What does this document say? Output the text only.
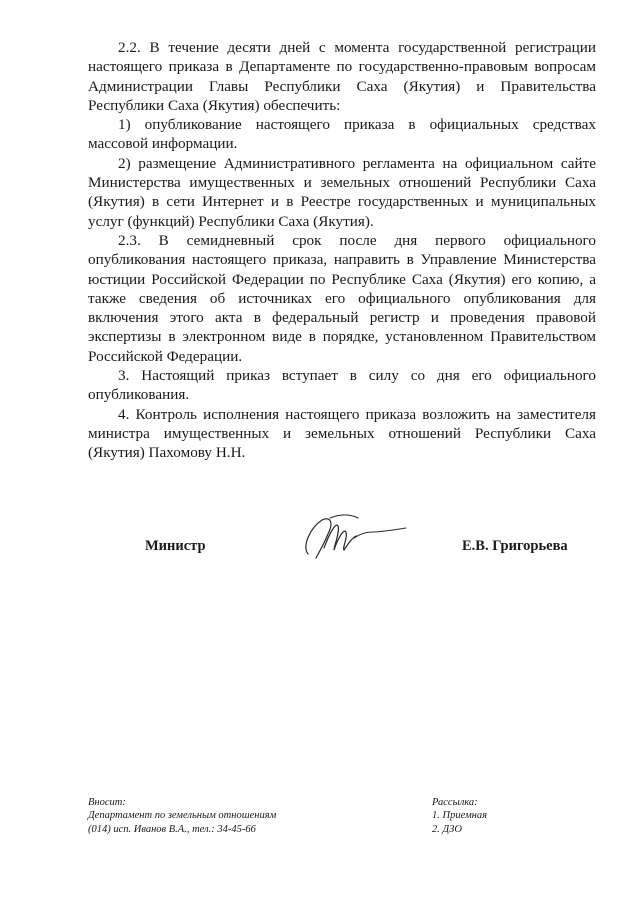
2.2. В течение десяти дней с момента государственной регистрации настоящего приказа в Департаменте по государственно-правовым вопросам Администрации Главы Республики Саха (Якутия) и Правительства Республики Саха (Якутия) обеспечить:

1) опубликование настоящего приказа в официальных средствах массовой информации.

2) размещение Административного регламента на официальном сайте Министерства имущественных и земельных отношений Республики Саха (Якутия) в сети Интернет и в Реестре государственных и муниципальных услуг (функций) Республики Саха (Якутия).

2.3. В семидневный срок после дня первого официального опубликования настоящего приказа, направить в Управление Министерства юстиции Российской Федерации по Республике Саха (Якутия) его копию, а также сведения об источниках его официального опубликования для включения этого акта в федеральный регистр и проведения правовой экспертизы в электронном виде в порядке, установленном Правительством Российской Федерации.

3. Настоящий приказ вступает в силу со дня его официального опубликования.

4. Контроль исполнения настоящего приказа возложить на заместителя министра имущественных и земельных отношений Республики Саха (Якутия) Пахомову Н.Н.

Министр	Е.В. Григорьева
Вносит:
Департамент по земельным отношениям
(014) исп. Иванов В.А., тел.: 34-45-66
Рассылка:
1. Приемная
2. ДЗО
